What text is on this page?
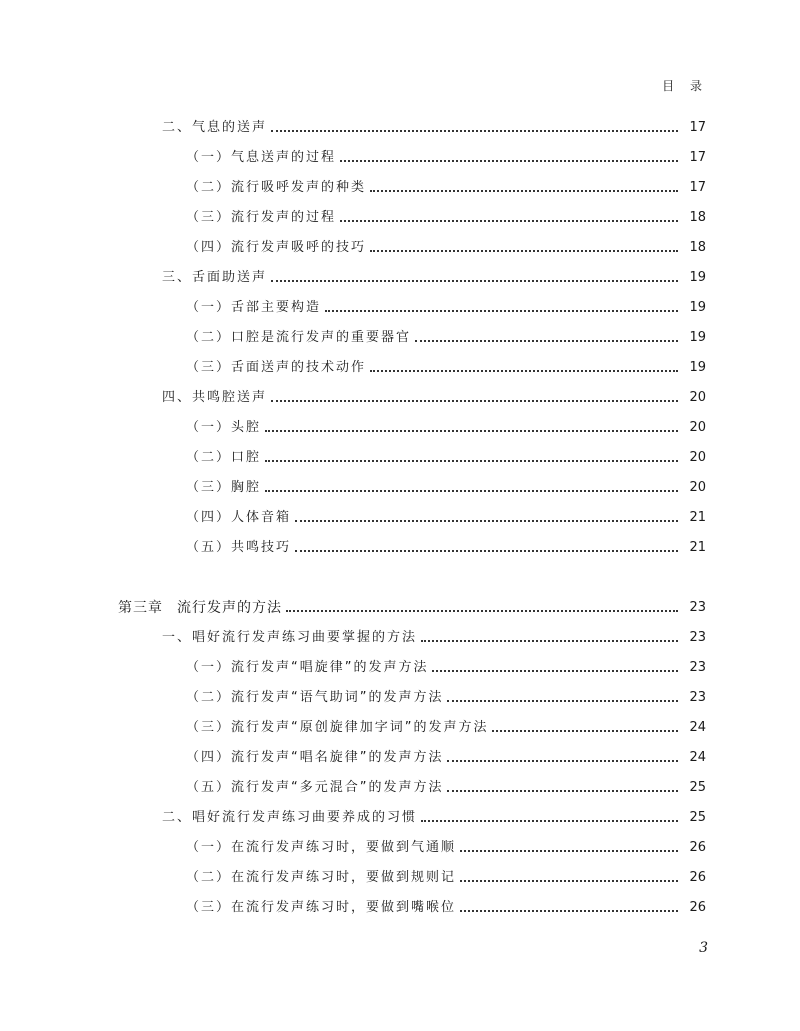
目 录
二、气息的送声	17
（一）气息送声的过程	17
（二）流行吸呼发声的种类	17
（三）流行发声的过程	18
（四）流行发声吸呼的技巧	18
三、舌面助送声	19
（一）舌部主要构造	19
（二）口腔是流行发声的重要器官	19
（三）舌面送声的技术动作	19
四、共鸣腔送声	20
（一）头腔	20
（二）口腔	20
（三）胸腔	20
（四）人体音箱	21
（五）共鸣技巧	21
第三章 流行发声的方法	23
一、唱好流行发声练习曲要掌握的方法	23
（一）流行发声“唱旋律”的发声方法	23
（二）流行发声“语气助词”的发声方法	23
（三）流行发声“原创旋律加字词”的发声方法	24
（四）流行发声“唱名旋律”的发声方法	24
（五）流行发声“多元混合”的发声方法	25
二、唱好流行发声练习曲要养成的习惯	25
（一）在流行发声练习时，要做到气通顺	26
（二）在流行发声练习时，要做到规则记	26
（三）在流行发声练习时，要做到嘴喉位	26
3
